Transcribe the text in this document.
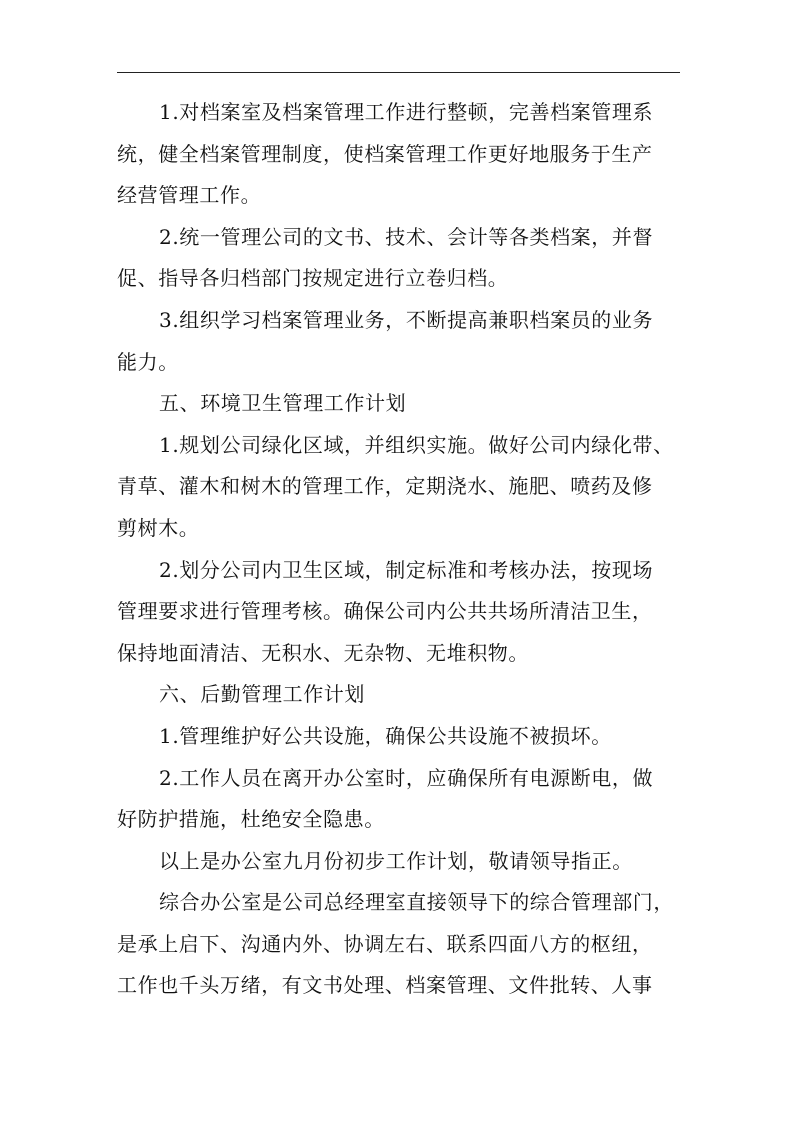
1.对档案室及档案管理工作进行整顿，完善档案管理系
统，健全档案管理制度，使档案管理工作更好地服务于生产
经营管理工作。
2.统一管理公司的文书、技术、会计等各类档案，并督
促、指导各归档部门按规定进行立卷归档。
3.组织学习档案管理业务，不断提高兼职档案员的业务
能力。
五、环境卫生管理工作计划
1.规划公司绿化区域，并组织实施。做好公司内绿化带、
青草、灌木和树木的管理工作，定期浇水、施肥、喷药及修
剪树木。
2.划分公司内卫生区域，制定标准和考核办法，按现场
管理要求进行管理考核。确保公司内公共共场所清洁卫生，
保持地面清洁、无积水、无杂物、无堆积物。
六、后勤管理工作计划
1.管理维护好公共设施，确保公共设施不被损坏。
2.工作人员在离开办公室时，应确保所有电源断电，做
好防护措施，杜绝安全隐患。
以上是办公室九月份初步工作计划，敬请领导指正。
综合办公室是公司总经理室直接领导下的综合管理部门，
是承上启下、沟通内外、协调左右、联系四面八方的枢纽，
工作也千头万绪，有文书处理、档案管理、文件批转、人事
